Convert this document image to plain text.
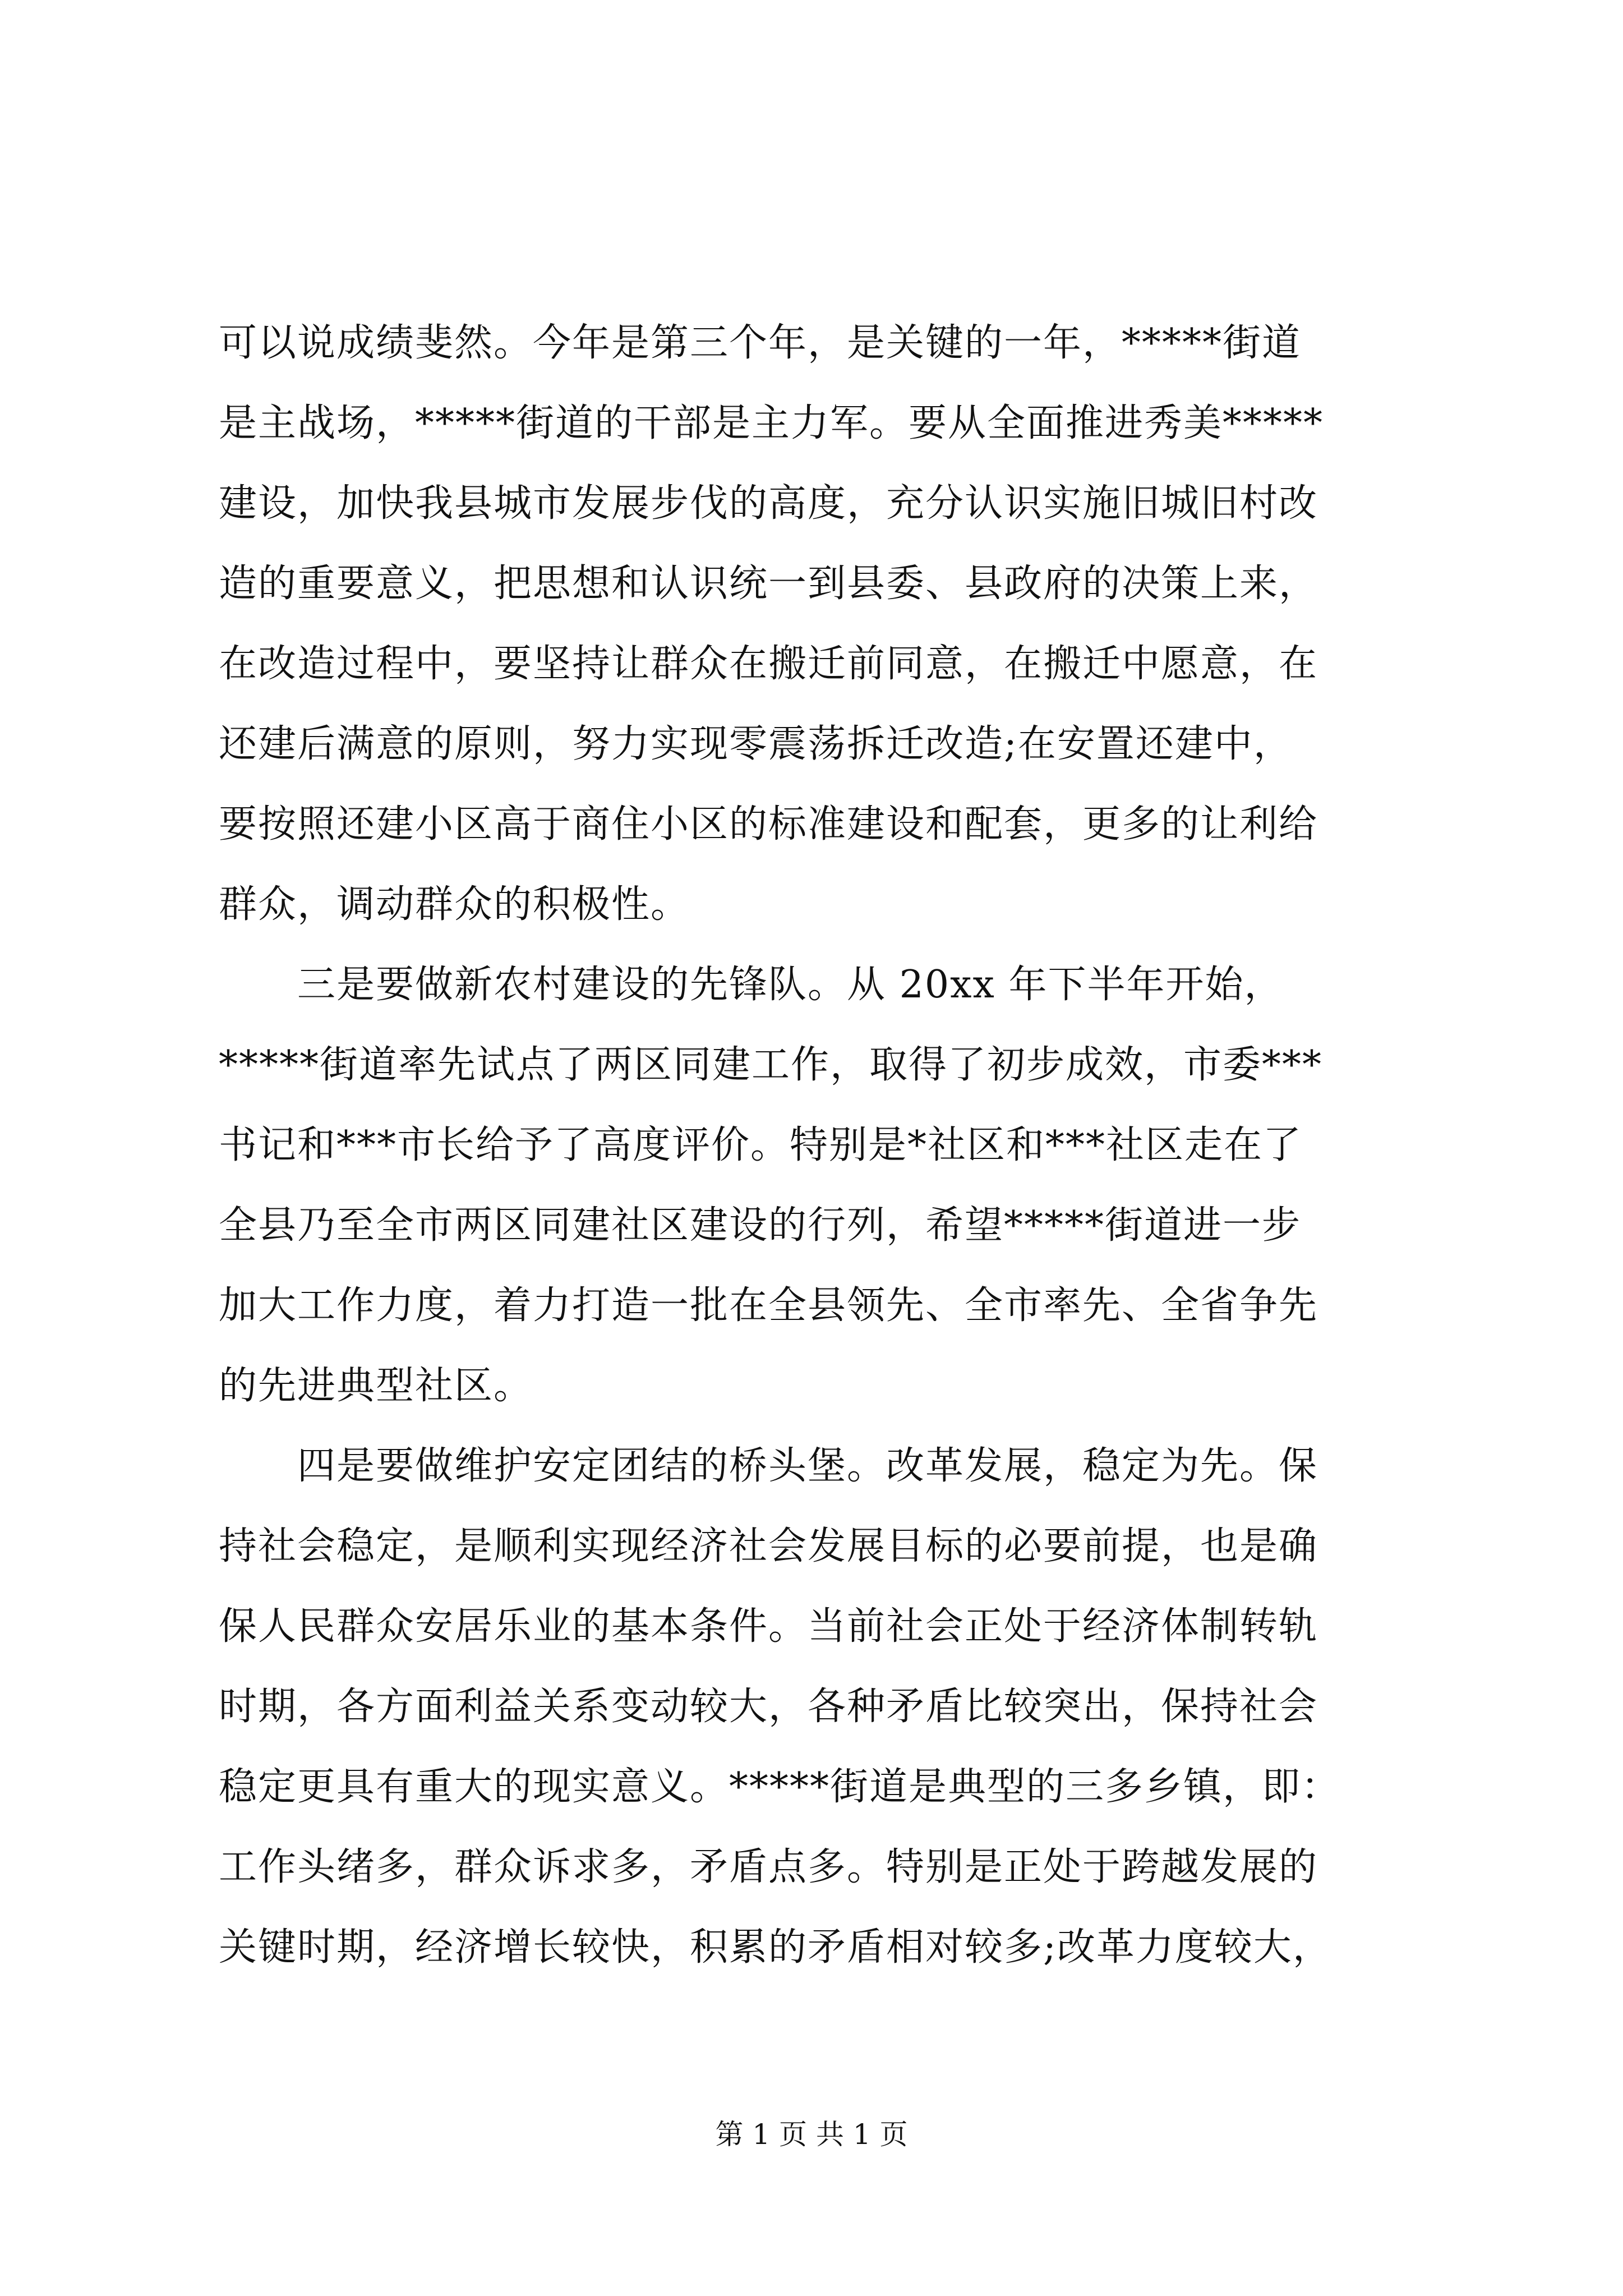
可以说成绩斐然。今年是第三个年，是关键的一年，*****街道
是主战场，*****街道的干部是主力军。要从全面推进秀美*****
建设，加快我县城市发展步伐的高度，充分认识实施旧城旧村改
造的重要意义，把思想和认识统一到县委、县政府的决策上来，
在改造过程中，要坚持让群众在搬迁前同意，在搬迁中愿意，在
还建后满意的原则，努力实现零震荡拆迁改造;在安置还建中，
要按照还建小区高于商住小区的标准建设和配套，更多的让利给
群众，调动群众的积极性。
三是要做新农村建设的先锋队。从 20xx 年下半年开始，
*****街道率先试点了两区同建工作，取得了初步成效，市委***
书记和***市长给予了高度评价。特别是*社区和***社区走在了
全县乃至全市两区同建社区建设的行列，希望*****街道进一步
加大工作力度，着力打造一批在全县领先、全市率先、全省争先
的先进典型社区。
四是要做维护安定团结的桥头堡。改革发展，稳定为先。保
持社会稳定，是顺利实现经济社会发展目标的必要前提，也是确
保人民群众安居乐业的基本条件。当前社会正处于经济体制转轨
时期，各方面利益关系变动较大，各种矛盾比较突出，保持社会
稳定更具有重大的现实意义。*****街道是典型的三多乡镇，即：
工作头绪多，群众诉求多，矛盾点多。特别是正处于跨越发展的
关键时期，经济增长较快，积累的矛盾相对较多;改革力度较大，
第 1 页 共 1 页
